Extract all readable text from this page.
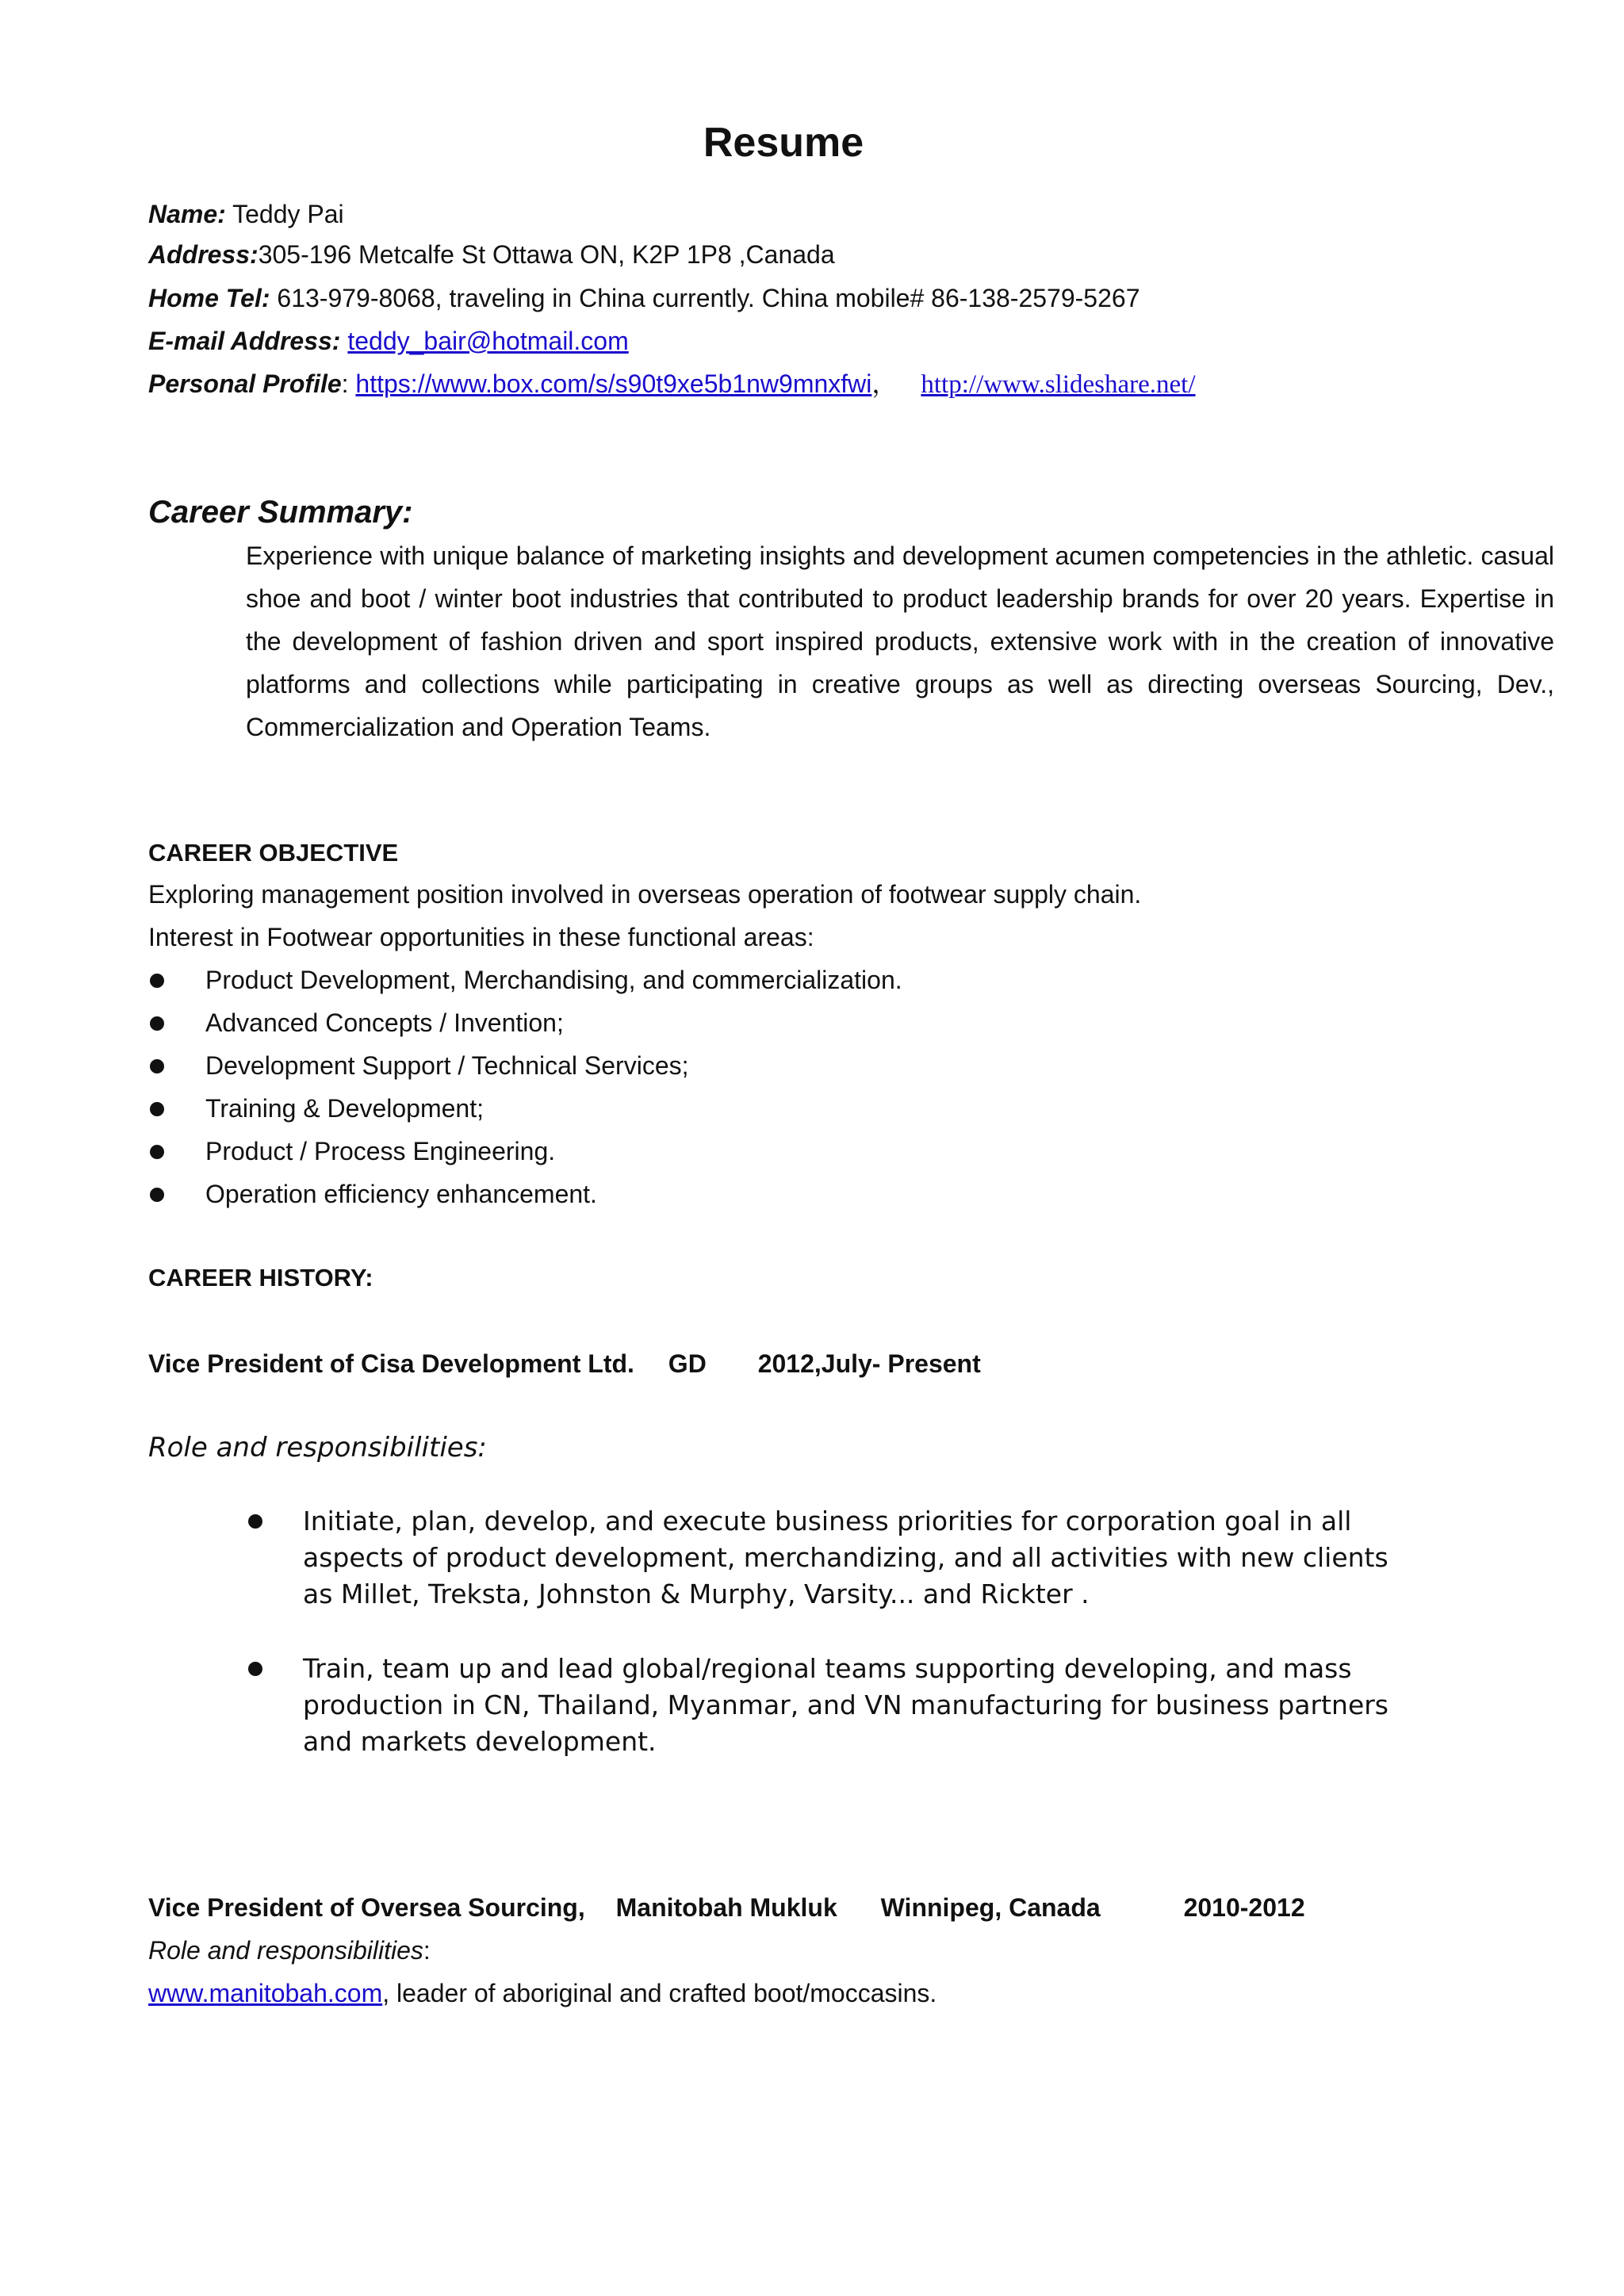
Resume
Name: Teddy Pai
Address:305-196 Metcalfe St Ottawa ON, K2P 1P8 ,Canada
Home Tel: 613-979-8068, traveling in China currently. China mobile# 86-138-2579-5267
E-mail Address: teddy_bair@hotmail.com
Personal Profile: https://www.box.com/s/s90t9xe5b1nw9mnxfwi， http://www.slideshare.net/
Career Summary:
Experience with unique balance of marketing insights and development acumen competencies in the athletic. casual shoe and boot / winter boot industries that contributed to product leadership brands for over 20 years. Expertise in the development of fashion driven and sport inspired products, extensive work with in the creation of innovative platforms and collections while participating in creative groups as well as directing overseas Sourcing, Dev., Commercialization and Operation Teams.
CAREER OBJECTIVE
Exploring management position involved in overseas operation of footwear supply chain.
Interest in Footwear opportunities in these functional areas:
Product Development, Merchandising, and commercialization.
Advanced Concepts / Invention;
Development Support / Technical Services;
Training & Development;
Product / Process Engineering.
Operation efficiency enhancement.
CAREER HISTORY:
Vice President of Cisa Development Ltd. GD 2012,July- Present
Role and responsibilities:
Initiate, plan, develop, and execute business priorities for corporation goal in all aspects of product development, merchandizing, and all activities with new clients as Millet, Treksta, Johnston & Murphy, Varsity... and Rickter .
Train, team up and lead global/regional teams supporting developing, and mass production in CN, Thailand, Myanmar, and VN manufacturing for business partners and markets development.
Vice President of Oversea Sourcing, Manitobah Mukluk Winnipeg, Canada	2010-2012
Role and responsibilities:
www.manitobah.com, leader of aboriginal and crafted boot/moccasins.
